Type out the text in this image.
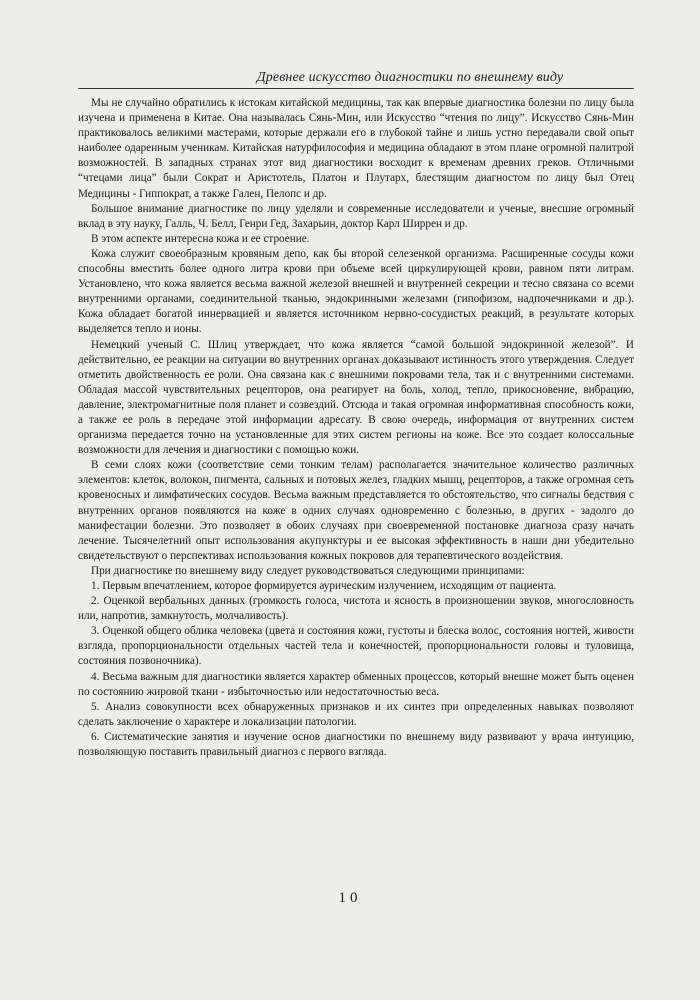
Древнее искусство диагностики по внешнему виду

Мы не случайно обратились к истокам китайской медицины, так как впервые диагностика болезни по лицу была изучена и применена в Китае. Она называлась Сянь-Мин, или Искусство “чтения по лицу”. Искусство Сянь-Мин практиковалось великими мастерами, которые держали его в глубокой тайне и лишь устно передавали свой опыт наиболее одаренным ученикам. Китайская натурфилософия и медицина обладают в этом плане огромной палитрой возможностей. В западных странах этот вид диагностики восходит к временам древних греков. Отличными “чтецами лица” были Сократ и Аристотель, Платон и Плутарх, блестящим диагностом по лицу был Отец Медицины - Гиппократ, а также Гален, Пелопс и др.

Большое внимание диагностике по лицу уделяли и современные исследователи и ученые, внесшие огромный вклад в эту науку, Галль, Ч. Белл, Генри Гед, Захарьин, доктор Карл Ширрен и др.

В этом аспекте интересна кожа и ее строение.

Кожа служит своеобразным кровяным депо, как бы второй селезенкой организма. Расширенные сосуды кожи способны вместить более одного литра крови при объеме всей циркулирующей крови, равном пяти литрам. Установлено, что кожа является весьма важной железой внешней и внутренней секреции и тесно связана со всеми внутренними органами, соединительной тканью, эндокринными железами (гипофизом, надпочечниками и др.). Кожа обладает богатой иннервацией и является источником нервно-сосудистых реакций, в результате которых выделяется тепло и ионы.

Немецкий ученый С. Шлиц утверждает, что кожа является “самой большой эндокринной железой”. И действительно, ее реакции на ситуации во внутренних органах доказывают истинность этого утверждения. Следует отметить двойственность ее роли. Она связана как с внешними покровами тела, так и с внутренними системами. Обладая массой чувствительных рецепторов, она реагирует на боль, холод, тепло, прикосновение, вибрацию, давление, электромагнитные поля планет и созвездий. Отсюда и такая огромная информативная способность кожи, а также ее роль в передаче этой информации адресату. В свою очередь, информация от внутренних систем организма передается точно на установленные для этих систем регионы на коже. Все это создает колоссальные возможности для лечения и диагностики с помощью кожи.

В семи слоях кожи (соответствие семи тонким телам) располагается значительное количество различных элементов: клеток, волокон, пигмента, сальных и потовых желез, гладких мышц, рецепторов, а также огромная сеть кровеносных и лимфатических сосудов. Весьма важным представляется то обстоятельство, что сигналы бедствия с внутренних органов появляются на коже в одних случаях одновременно с болезнью, в других - задолго до манифестации болезни. Это позволяет в обоих случаях при своевременной постановке диагноза сразу начать лечение. Тысячелетний опыт использования акупунктуры и ее высокая эффективность в наши дни убедительно свидетельствуют о перспективах использования кожных покровов для терапевтического воздействия.

При диагностике по внешнему виду следует руководствоваться следующими принципами:

1. Первым впечатлением, которое формируется аурическим излучением, исходящим от пациента.

2. Оценкой вербальных данных (громкость голоса, чистота и ясность в произношении звуков, многословность или, напротив, замкнутость, молчаливость).

3. Оценкой общего облика человека (цвета и состояния кожи, густоты и блеска волос, состояния ногтей, живости взгляда, пропорциональности отдельных частей тела и конечностей, пропорциональности головы и туловища, состояния позвоночника).

4. Весьма важным для диагностики является характер обменных процессов, который внешне может быть оценен по состоянию жировой ткани - избыточностью или недостаточностью веса.

5. Анализ совокупности всех обнаруженных признаков и их синтез при определенных навыках позволяют сделать заключение о характере и локализации патологии.

6. Систематические занятия и изучение основ диагностики по внешнему виду развивают у врача интуицию, позволяющую поставить правильный диагноз с первого взгляда.

10
